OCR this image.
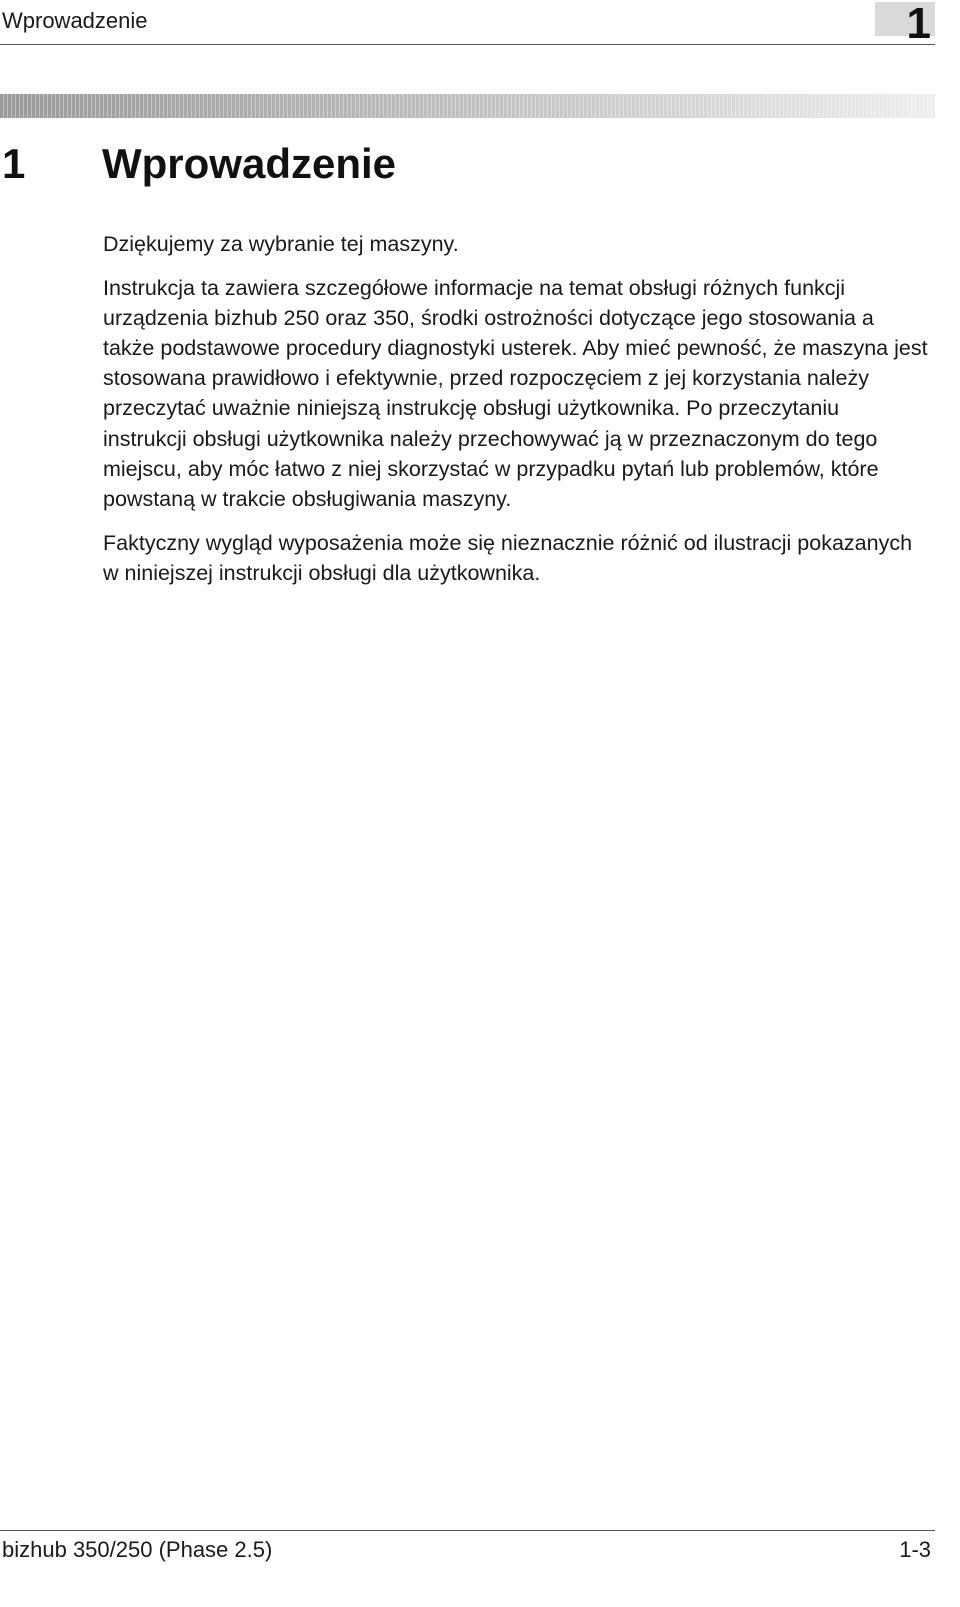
Wprowadzenie	1
1 Wprowadzenie

Dziękujemy za wybranie tej maszyny.

Instrukcja ta zawiera szczegółowe informacje na temat obsługi różnych funkcji urządzenia bizhub 250 oraz 350, środki ostrożności dotyczące jego stosowania a także podstawowe procedury diagnostyki usterek. Aby mieć pewność, że maszyna jest stosowana prawidłowo i efektywnie, przed rozpoczęciem z jej korzystania należy przeczytać uważnie niniejszą instrukcję obsługi użytkownika. Po przeczytaniu instrukcji obsługi użytkownika należy przechowywać ją w przeznaczonym do tego miejscu, aby móc łatwo z niej skorzystać w przypadku pytań lub problemów, które powstaną w trakcie obsługiwania maszyny.

Faktyczny wygląd wyposażenia może się nieznacznie różnić od ilustracji pokazanych w niniejszej instrukcji obsługi dla użytkownika.

bizhub 350/250 (Phase 2.5)	1-3
